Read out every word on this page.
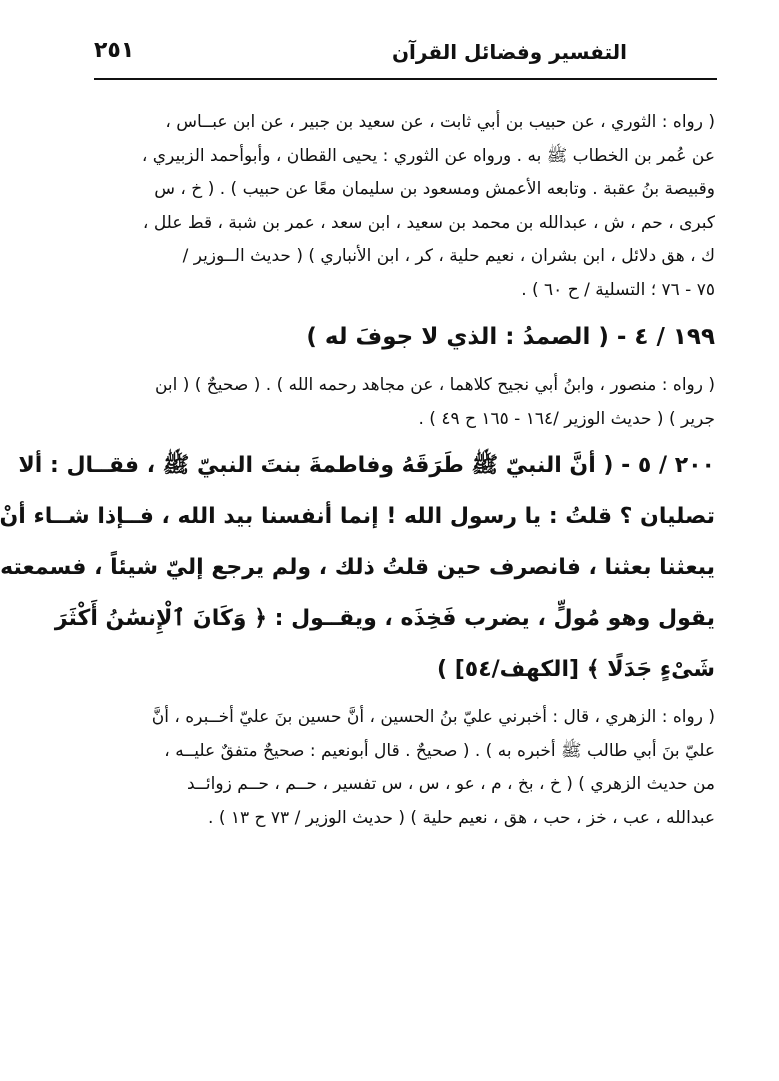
التفسير وفضائل القرآن
٢٥١
( رواه : الثوري ، عن حبيب بن أبي ثابت ، عن سعيد بن جبير ، عن ابن عبــاس ،
عن عُمر بن الخطاب ﷺ به . ورواه عن الثوري : يحيى القطان ، وأبوأحمد الزبيري ،
وقبيصة بنُ عقبة . وتابعه الأعمش ومسعود بن سليمان معًا عن حبيب ) . ( خ ، س
كبرى ، حم ، ش ، عبدالله بن محمد بن سعيد ، ابن سعد ، عمر بن شبة ، قط علل ،
ك ، هق دلائل ، ابن بشران ، نعيم حلية ، كر ، ابن الأنباري ) ( حديث الــوزير /
٧٥ - ٧٦ ؛ التسلية / ح ٦٠ ) .
١٩٩ / ٤ - ( الصمدُ : الذي لا جوفَ له )
( رواه : منصور ، وابنُ أبي نجيح كلاهما ، عن مجاهد رحمه الله ) . ( صحيحٌ ) ( ابن
جرير ) ( حديث الوزير /١٦٤ - ١٦٥ ح ٤٩ ) .
٢٠٠ / ٥ - ( أنَّ النبيّ ﷺ طَرَقَهُ وفاطمةَ بنتَ النبيّ ﷺ ، فقــال : ألا
تصليان ؟ قلتُ : يا رسول الله ! إنما أنفسنا بيد الله ، فــإذا شــاء أنْ
يبعثنا بعثنا ، فانصرف حين قلتُ ذلك ، ولم يرجع إليّ شيئاً ، فسمعته
يقول وهو مُولٍّ ، يضرب فَخِذَه ، ويقــول : ﴿ وَكَانَ ٱلْإِنسَٰنُ أَكْثَرَ
شَىْءٍ جَدَلًا ﴾ [الكهف/٥٤] )
( رواه : الزهري ، قال : أخبرني عليّ بنُ الحسين ، أنَّ حسين بنَ عليّ أخــبره ، أنَّ
عليّ بنَ أبي طالب ﷺ أخبره به ) . ( صحيحٌ . قال أبونعيم : صحيحٌ متفقٌ عليــه ،
من حديث الزهري ) ( خ ، بخ ، م ، عو ، س ، س تفسير ، حــم ، حــم زوائــد
عبدالله ، عب ، خز ، حب ، هق ، نعيم حلية ) ( حديث الوزير / ٧٣ ح ١٣ ) .
